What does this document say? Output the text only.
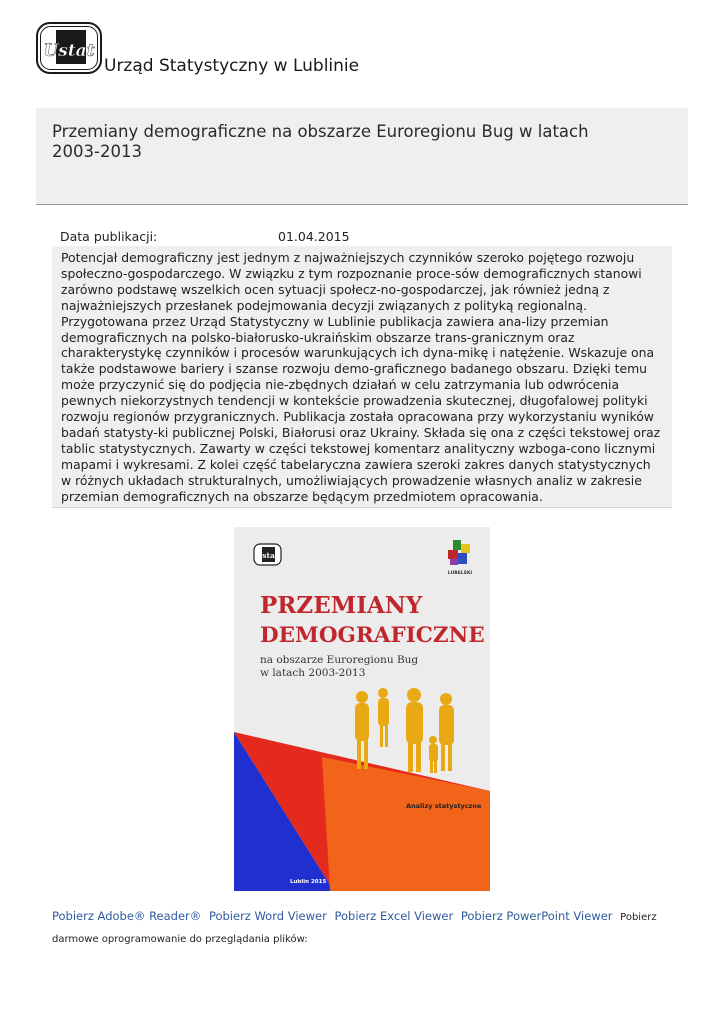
Ustat
Urząd Statystyczny w Lublinie
Przemiany demograficzne na obszarze Euroregionu Bug w latach 2003-2013
Data publikacji:	01.04.2015
Potencjał demograficzny jest jednym z najważniejszych czynników szeroko pojętego rozwoju społeczno-gospodarczego. W związku z tym rozpoznanie proce-sów demograficznych stanowi zarówno podstawę wszelkich ocen sytuacji społecz-no-gospodarczej, jak również jedną z najważniejszych przesłanek podejmowania decyzji związanych z polityką regionalną. Przygotowana przez Urząd Statystyczny w Lublinie publikacja zawiera ana-lizy przemian demograficznych na polsko-białorusko-ukraińskim obszarze trans-granicznym oraz charakterystykę czynników i procesów warunkujących ich dyna-mikę i natężenie. Wskazuje ona także podstawowe bariery i szanse rozwoju demo-graficznego badanego obszaru. Dzięki temu może przyczynić się do podjęcia nie-zbędnych działań w celu zatrzymania lub odwrócenia pewnych niekorzystnych tendencji w kontekście prowadzenia skutecznej, długofalowej polityki rozwoju regionów przygranicznych. Publikacja została opracowana przy wykorzystaniu wyników badań statysty-ki publicznej Polski, Białorusi oraz Ukrainy. Składa się ona z części tekstowej oraz tablic statystycznych. Zawarty w części tekstowej komentarz analityczny wzboga-cono licznymi mapami i wykresami. Z kolei część tabelaryczna zawiera szeroki zakres danych statystycznych w różnych układach strukturalnych, umożliwiających prowadzenie własnych analiz w zakresie przemian demograficznych na obszarze będącym przedmiotem opracowania.
Ustat
LUBELSKI
PRZEMIANY
DEMOGRAFICZNE
na obszarze Euroregionu Bug
w latach 2003-2013
Analizy statystyczne
Lublin 2015
Pobierz Adobe® Reader® Pobierz Word Viewer Pobierz Excel Viewer Pobierz PowerPoint Viewer Pobierz darmowe oprogramowanie do przeglądania plików:
